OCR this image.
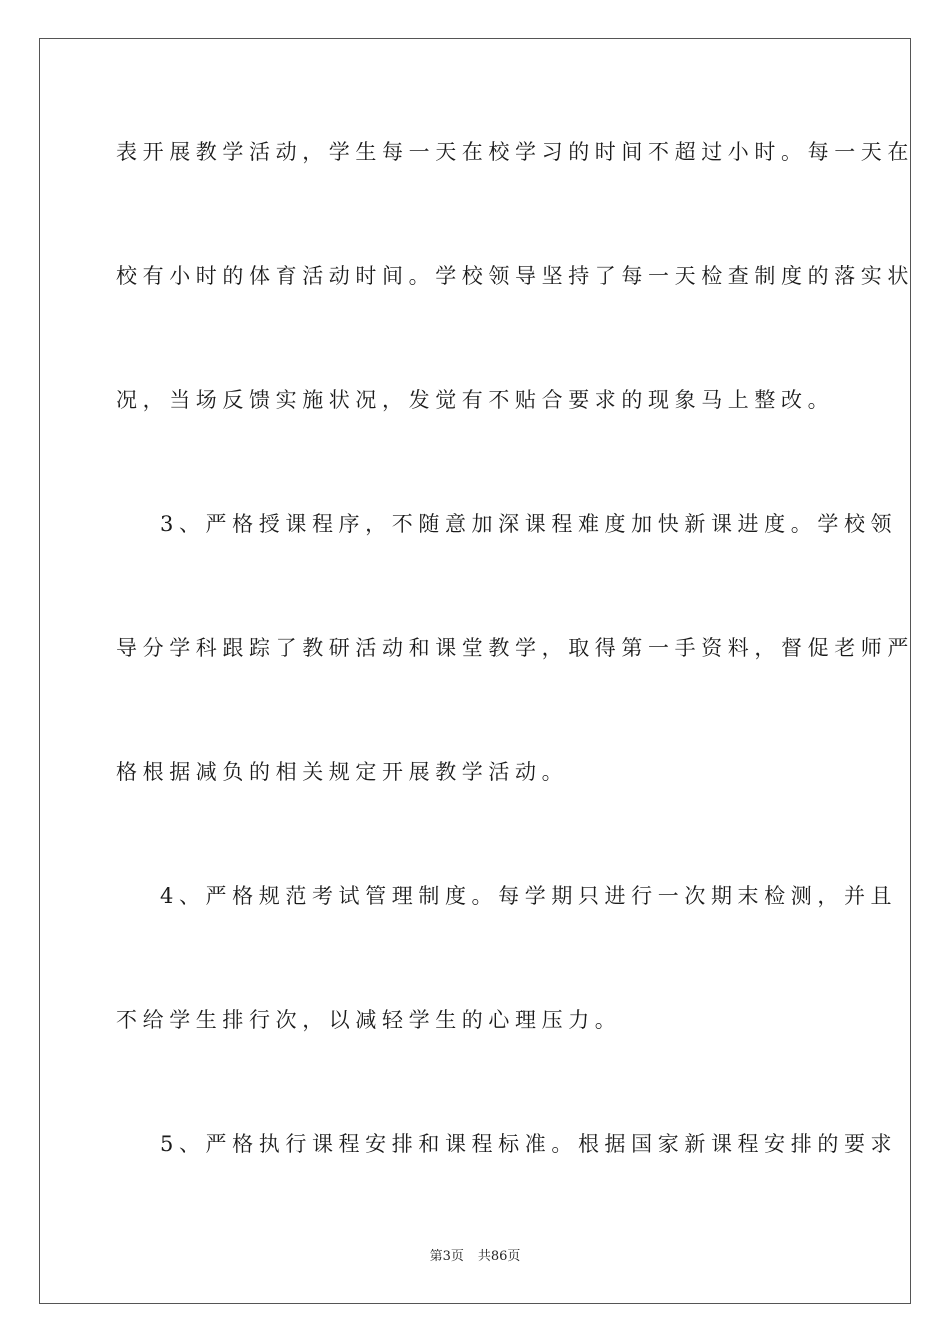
表开展教学活动，学生每一天在校学习的时间不超过小时。每一天在
校有小时的体育活动时间。学校领导坚持了每一天检查制度的落实状
况，当场反馈实施状况，发觉有不贴合要求的现象马上整改。
3、严格授课程序，不随意加深课程难度加快新课进度。学校领
导分学科跟踪了教研活动和课堂教学，取得第一手资料，督促老师严
格根据减负的相关规定开展教学活动。
4、严格规范考试管理制度。每学期只进行一次期末检测，并且
不给学生排行次，以减轻学生的心理压力。
5、严格执行课程安排和课程标准。根据国家新课程安排的要求
第3页 共86页
